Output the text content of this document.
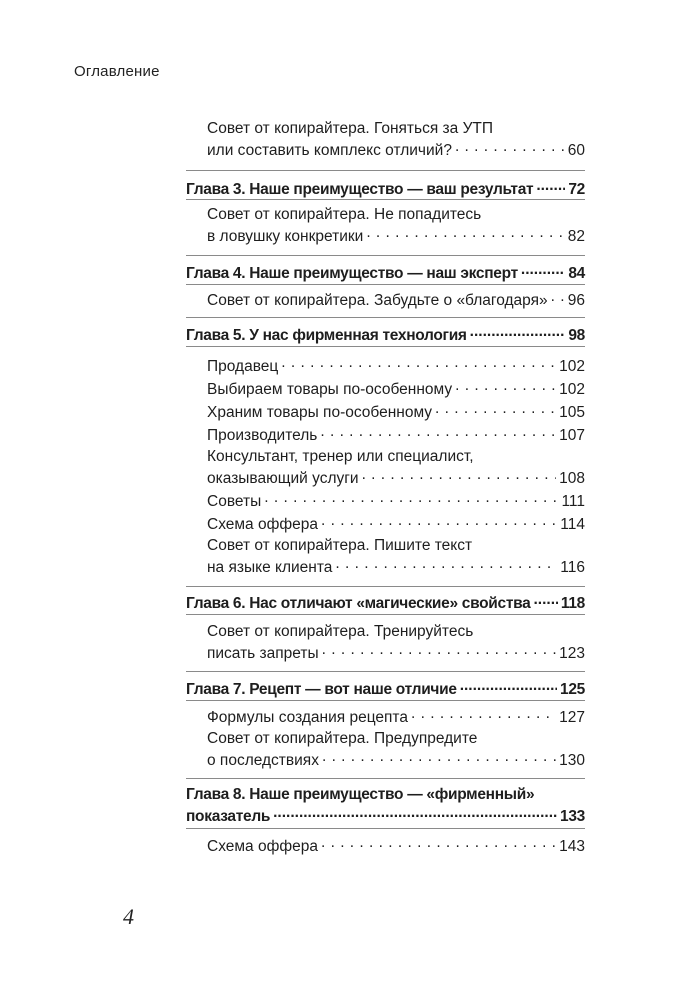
Оглавление
Совет от копирайтера. Гоняться за УТП
или составить комплекс отличий? . . .	60
Глава 3. Наше преимущество — ваш результат ..... 72
Совет от копирайтера. Не попадитесь
в ловушку конкретики . . .	82
Глава 4. Наше преимущество — наш эксперт .....	84
Совет от копирайтера. Забудьте о «благодаря» . . . 96
Глава 5. У нас фирменная технология .....	98
Продавец . . .	102
Выбираем товары по-особенному . . .	102
Храним товары по-особенному . . .	105
Производитель . . .	107
Консультант, тренер или специалист,
оказывающий услуги . . .	108
Советы . . .	111
Схема оффера . . .	114
Совет от копирайтера. Пишите текст
на языке клиента . . .	116
Глава 6. Нас отличают «магические» свойства ..... 118
Совет от копирайтера. Тренируйтесь
писать запреты . . .	123
Глава 7. Рецепт — вот наше отличие .....	125
Формулы создания рецепта . . .	127
Совет от копирайтера. Предупредите
о последствиях . . .	130
Глава 8. Наше преимущество — «фирменный»
показатель .....	133
Схема оффера . . .	143
4
